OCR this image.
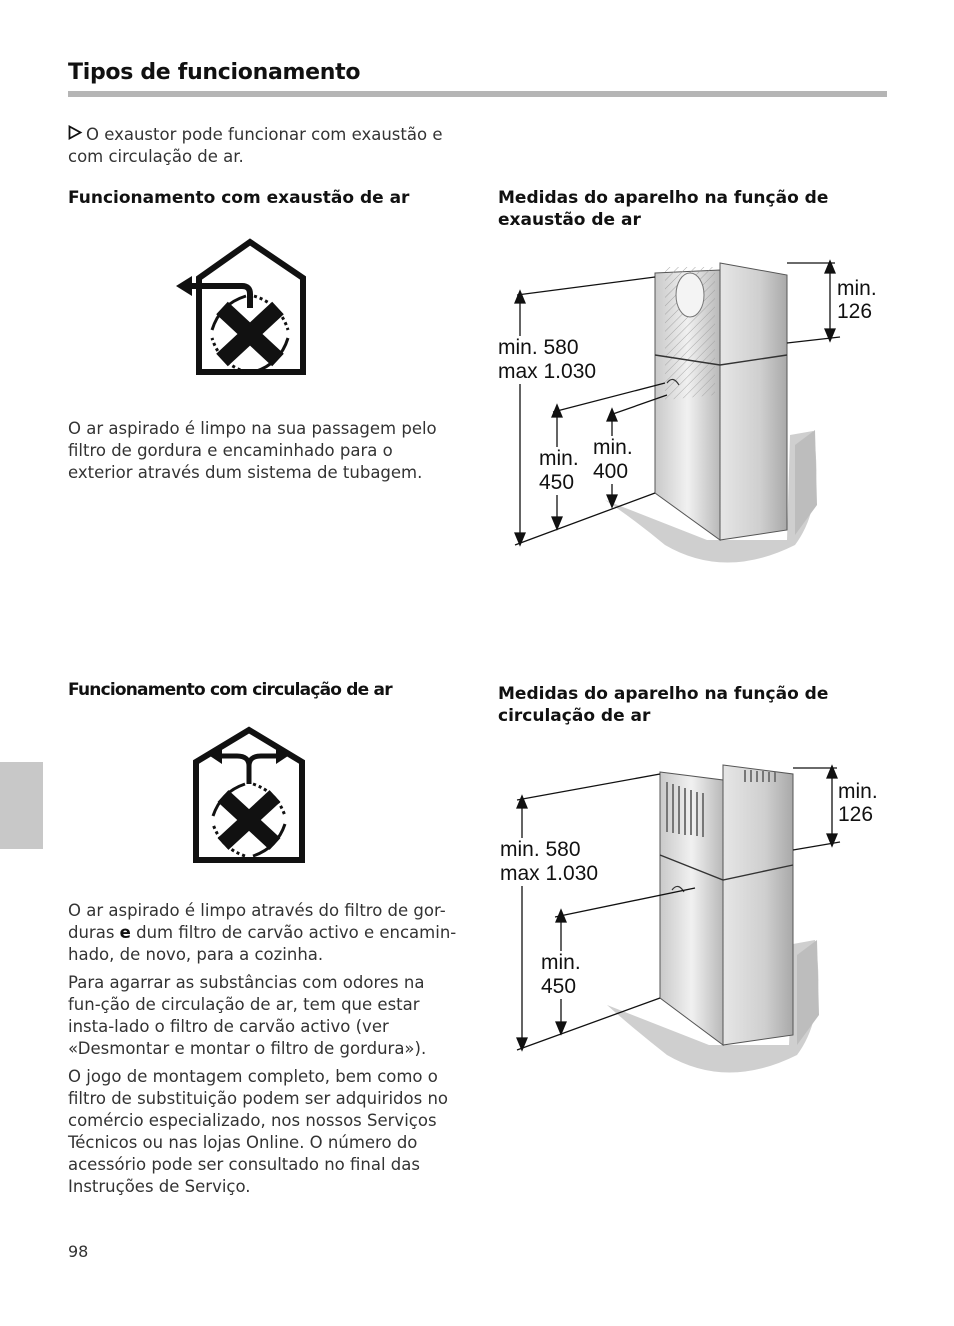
Tipos de funcionamento
O exaustor pode funcionar com exaustão e com circulação de ar.
Funcionamento com exaustão de ar
O ar aspirado é limpo na sua passagem pelo filtro de gordura e encaminhado para o exterior através dum sistema de tubagem.
Medidas do aparelho na função de exaustão de ar
min.
126
min. 580
max 1.030
min.
450
min.
400
Funcionamento com circulação de ar

O ar aspirado é limpo através do filtro de gor-duras e dum filtro de carvão activo e encamin-hado, de novo, para a cozinha.

Para agarrar as substâncias com odores na fun-ção de circulação de ar, tem que estar insta-lado o filtro de carvão activo (ver «Desmontar e montar o filtro de gordura»).

O jogo de montagem completo, bem como o filtro de substituição podem ser adquiridos no comércio especializado, nos nossos Serviços Técnicos ou nas lojas Online. O número do acessório pode ser consultado no final das Instruções de Serviço.

Medidas do aparelho na função de circulação de ar
min.
126
min. 580
max 1.030
min.
450
98
